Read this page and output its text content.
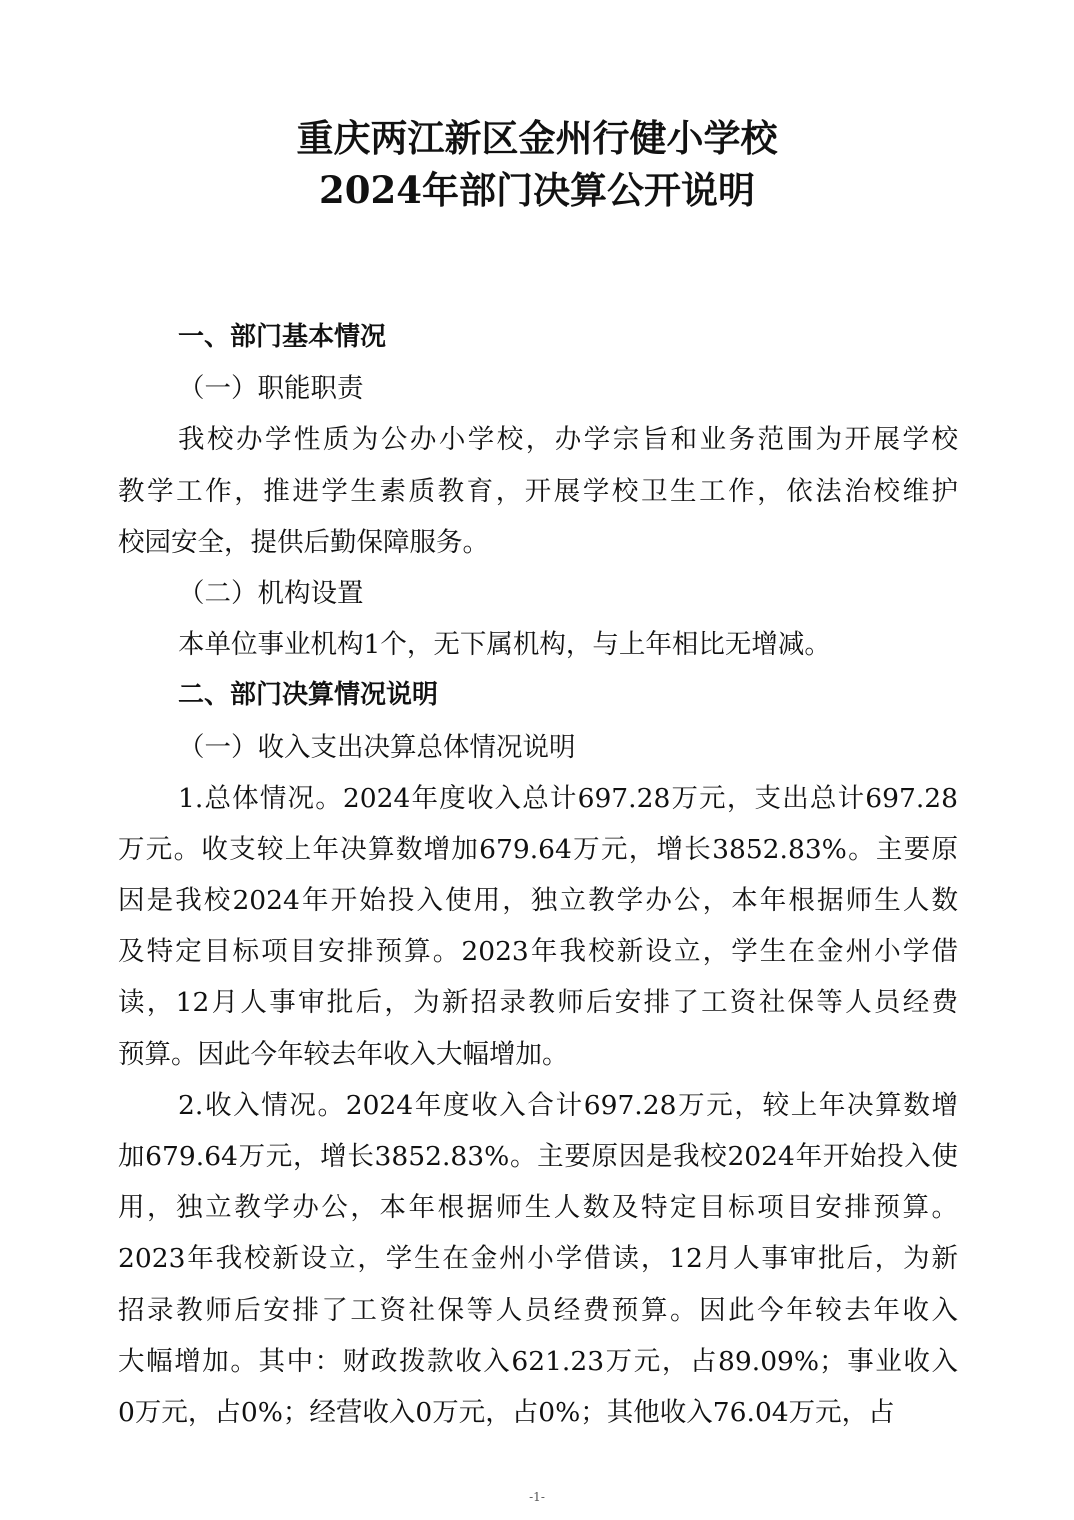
重庆两江新区金州行健小学校
2024年部门决算公开说明
一、部门基本情况
（一）职能职责
我校办学性质为公办小学校，办学宗旨和业务范围为开展学校
教学工作，推进学生素质教育，开展学校卫生工作，依法治校维护
校园安全，提供后勤保障服务。
（二）机构设置
本单位事业机构1个，无下属机构，与上年相比无增减。
二、部门决算情况说明
（一）收入支出决算总体情况说明
1.总体情况。2024年度收入总计697.28万元，支出总计697.28
万元。收支较上年决算数增加679.64万元，增长3852.83%。主要原
因是我校2024年开始投入使用，独立教学办公，本年根据师生人数
及特定目标项目安排预算。2023年我校新设立，学生在金州小学借
读，12月人事审批后，为新招录教师后安排了工资社保等人员经费
预算。因此今年较去年收入大幅增加。
2.收入情况。2024年度收入合计697.28万元，较上年决算数增
加679.64万元，增长3852.83%。主要原因是我校2024年开始投入使
用，独立教学办公，本年根据师生人数及特定目标项目安排预算。
2023年我校新设立，学生在金州小学借读，12月人事审批后，为新
招录教师后安排了工资社保等人员经费预算。因此今年较去年收入
大幅增加。其中：财政拨款收入621.23万元，占89.09%；事业收入
0万元，占0%；经营收入0万元，占0%；其他收入76.04万元，占
-1-
